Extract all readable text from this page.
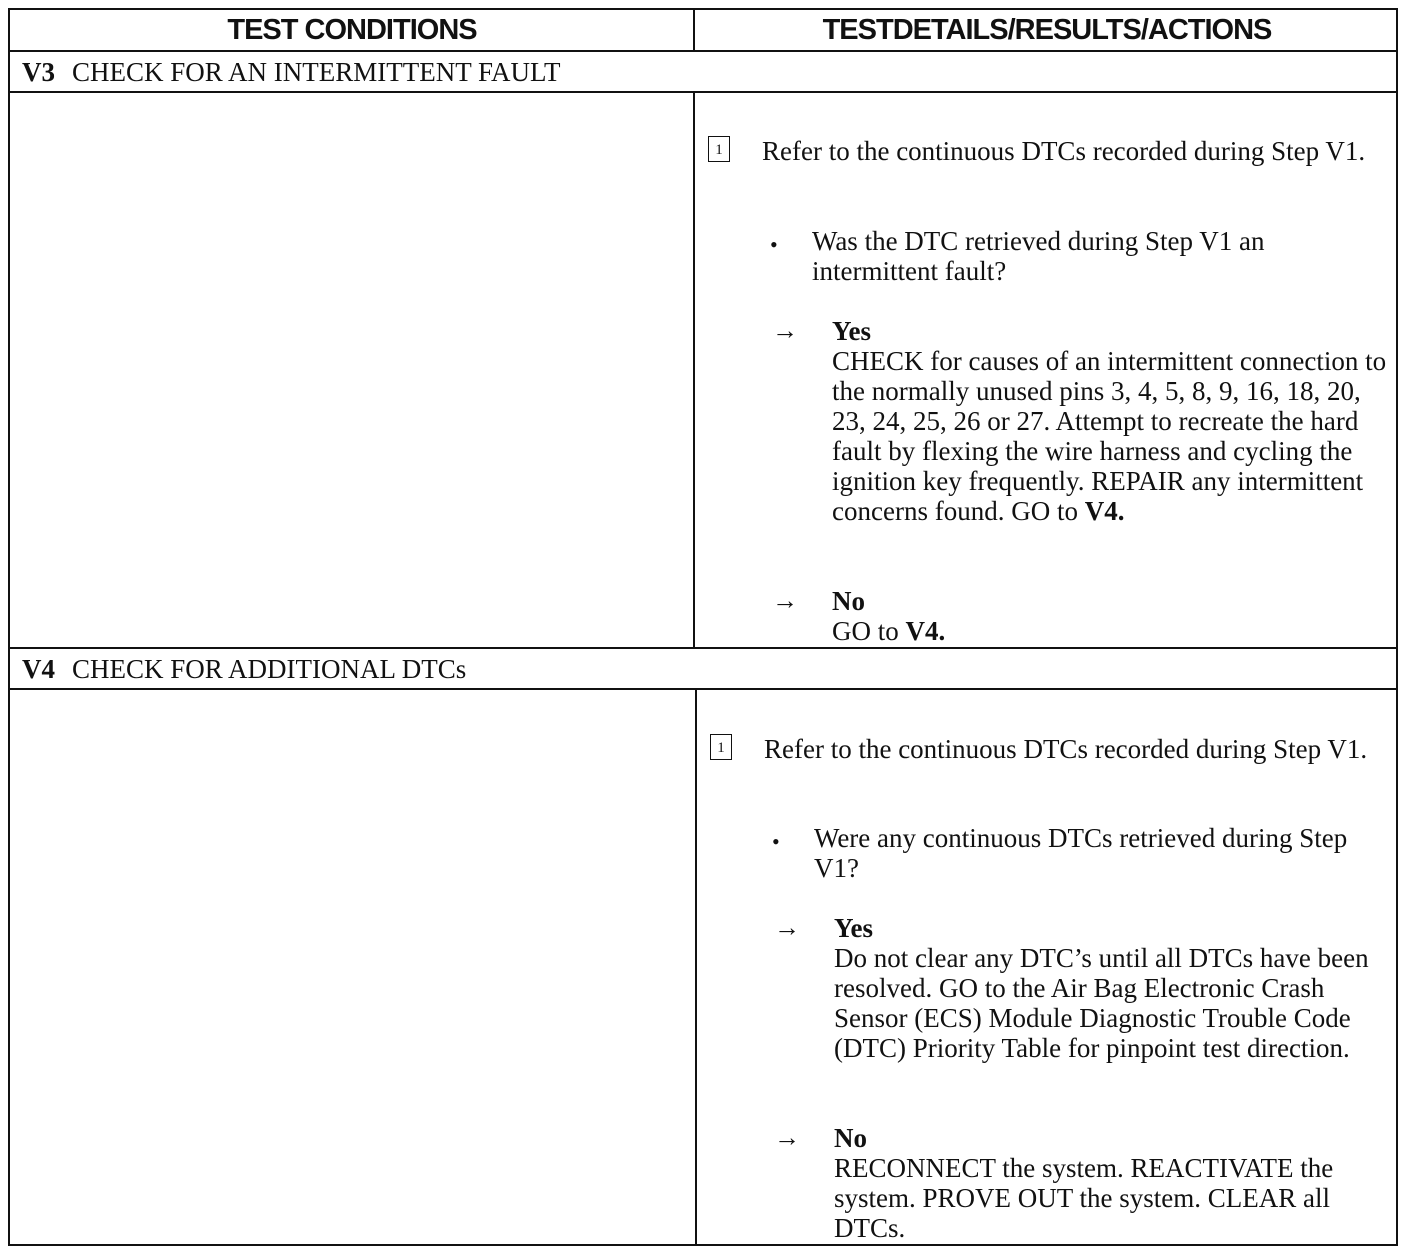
TEST CONDITIONS	TESTDETAILS/RESULTS/ACTIONS
V3 CHECK FOR AN INTERMITTENT FAULT
1 Refer to the continuous DTCs recorded during Step V1.
• Was the DTC retrieved during Step V1 an intermittent fault?
→ Yes
CHECK for causes of an intermittent connection to the normally unused pins 3, 4, 5, 8, 9, 16, 18, 20, 23, 24, 25, 26 or 27. Attempt to recreate the hard fault by flexing the wire harness and cycling the ignition key frequently. REPAIR any intermittent concerns found. GO to V4.
→ No
GO to V4.
V4 CHECK FOR ADDITIONAL DTCs
1 Refer to the continuous DTCs recorded during Step V1.
• Were any continuous DTCs retrieved during Step V1?
→ Yes
Do not clear any DTC’s until all DTCs have been resolved. GO to the Air Bag Electronic Crash Sensor (ECS) Module Diagnostic Trouble Code (DTC) Priority Table for pinpoint test direction.
→ No
RECONNECT the system. REACTIVATE the system. PROVE OUT the system. CLEAR all DTCs.
